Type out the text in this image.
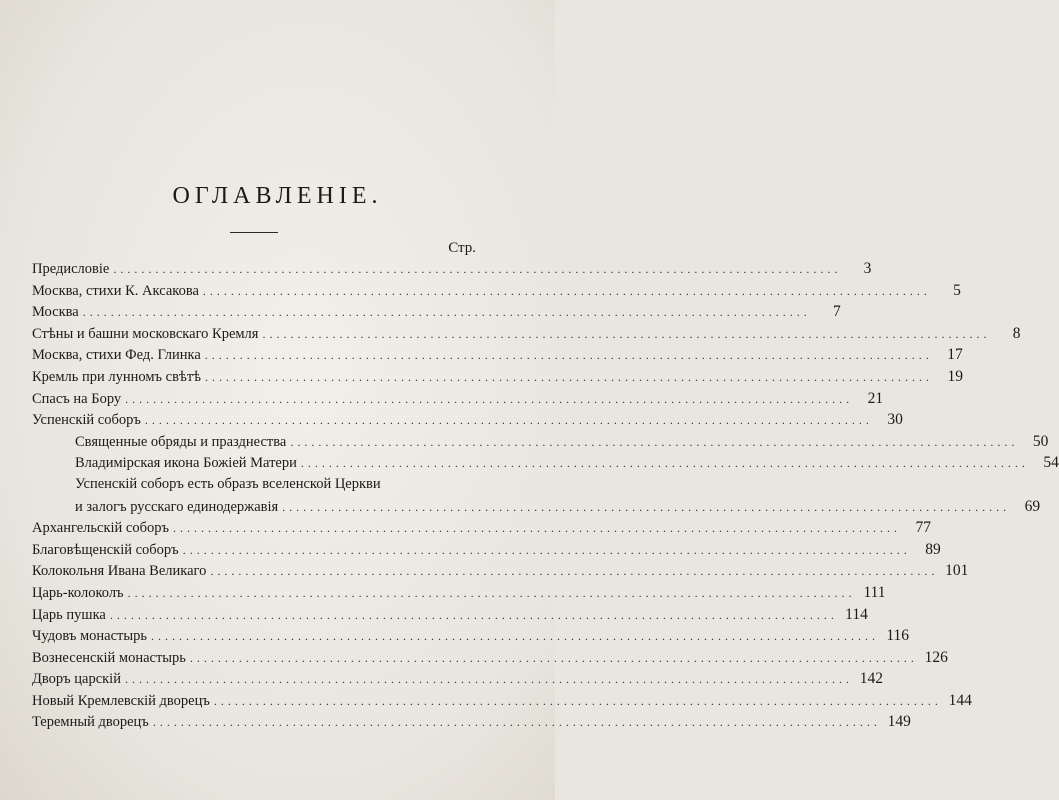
ОГЛАВЛЕНІЕ.
Стр.
Предисловіе ........................................................................................................	3
Москва, стихи К. Аксакова ........................................................................................................	5
Москва ........................................................................................................	7
Стѣны и башни московскаго Кремля ........................................................................................................	8
Москва, стихи Фед. Глинка ........................................................................................................ 17
Кремль при лунномъ свѣтѣ ........................................................................................................ 19
Спасъ на Бору ........................................................................................................ 21
Успенскій соборъ ........................................................................................................ 30
Священные обряды и празднества ........................................................................................................ 50
Владимірская икона Божіей Матери ........................................................................................................ 54
Успенскій соборъ есть образъ вселенской Церкви
и залогъ русскаго единодержавія ........................................................................................................ 69
Архангельскій соборъ ........................................................................................................ 77
Благовѣщенскій соборъ ........................................................................................................ 89
Колокольня Ивана Великаго ........................................................................................................ 101
Царь-колоколъ ........................................................................................................ 111
Царь пушка ........................................................................................................ 114
Чудовъ монастырь ........................................................................................................ 116
Вознесенскій монастырь ........................................................................................................ 126
Дворъ царскій ........................................................................................................ 142
Новый Кремлевскій дворецъ ........................................................................................................ 144
Теремный дворецъ ........................................................................................................ 149
